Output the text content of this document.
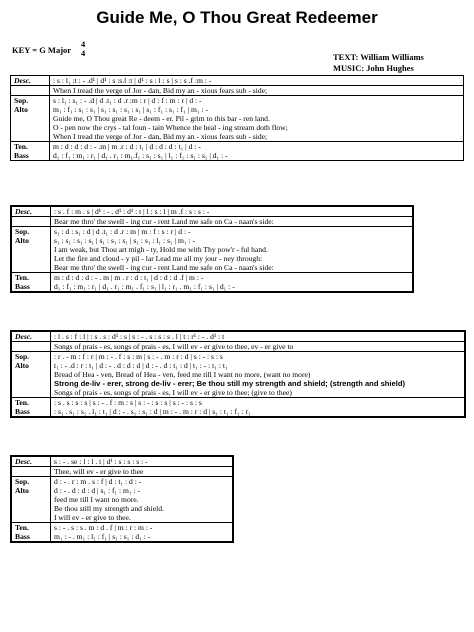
Guide Me, O Thou Great Redeemer
KEY = G Major
4
4	TEXT: William Williams
MUSIC: John Hughes
Desc.	: s : l₁ :t : - .d¹ | d¹ : s :s.l :t | d¹ : s : l : s | s : s .f :m : -
	When I tread the verge of Jor - dan, Bid my an - xious fears sub - side;
Sop.	s : l₁ : s₁ : - .d | d .t₁ : d .r :m : r | d : f : m : r | d : -
Alto	m₁ : f₁ : s₁ : s₁ | s₁ : s₁ : s₁ : s₁ | s₁ : f₁ : s₁ : f₁ | m₁ : -
	Guide me, O Thou great Re - deem - er. Pil - grim to this bar - ren land.
	O - pen now the crys - tal foun - tain Whence the heal - ing stream doth flow;
	When I tread the verge of Jor - dan, Bid my an - xious fears sub - side;
Ten.	m : d : d : d : - .m | m .r : d : t₁ | d : d : d : t₁ | d : -
Bass	d₁ : f₁ : m₁ : r₁ | d₁ . r₁ : m₁.f₁ : s₁ : s₁ | l₁ : f₁ : s₁ : s₁ | d₁ : -
Desc.	: s . f : m . s | d¹ : - . d¹ : d¹ : t | l : s : l | m .f : s : s : -
	Bear me thro' the swell - ing cur - rent Land me safe on Ca - naan's side:
Sop.	s₁ : d : s₁ : d | d .t₁ : d .r : m | m : f : s : r | d : -
Alto	s₁ : s₁ : s₁ : s₁ | s₁ : s₁ : s₁ | s₁ : s₁ : l₁ : s₁ | m₁ : -
	I am weak, but Thou art migh - ty, Hold me with Thy pow'r - ful hand.
	Let the fire and cloud - y pil - lar Lead me all my jour - ney through:
	Bear me thro' the swell - ing cur - rent Land me safe on Ca - naan's side:
Ten.	m : d : d : d : - . m | m . r : d : t₁ | d : d : d .f | m : -
Bass	d₁ : f₁ : m₁ : r₁ | d₁ . r₁ : m₁ . f₁ : s₁ | l₁ : r₁ . m₁ : f₁ : s₁ | d₁ : -
Desc.	: l . s : f : l | : s . s : d¹ : s | s : - . s : s : s . l | t : r¹ : - . d¹ : t
	Songs of prais - es, songs of prais - es, I will ev - er give to thee, ev - er give to
Sop.	: r . - m : f : r | m : - . f : s : m | s : - . m : r : d | s : - : s : s
Alto	t₁ : - .d : r : t₁ | d : - . d : d : d | d : - . d : t₁ : d | t₁ : - : t₁ : t₁
	Bread of Hea - ven, Bread of Hea - ven, feed me till I want no more, (want no more)
	Strong de-liv - erer, strong de-liv - erer; Be thou still my strength and shield; (strength and shield)
	Songs of prais - es, songs of prais - es, I will ev - er give to thee; (give to thee)
Ten.	: s . s : s : s | s : - . f : m : s | s : - : s : s | s : - : s : s
Bass	: s₁ . s₁ : s₁ . l₁ : t₁ | d : - . s₁ : s₁ : d | m : - . m : r : d | s₁ : t₁ : f₁ : r₁
Desc.	s : - . se : l : l . t | d¹ : s : s : s : -
	Thee, will ev - er give to thee
Sop.	d : - . r : m . s : f | d : t₁ : d : -
Alto	d : - . d : d : d | s₁ : f₁ : m₁ : -
	feed me till I want no more.
	Be thou still my strength and shield.
	I will ev - er give to thee.
Ten.	s : - . s : s . m : d . f | m : r : m : -
Bass	m₁ : - . m₁ : l₁ : f₁ | s₁ : s₁ : d₁ : -
